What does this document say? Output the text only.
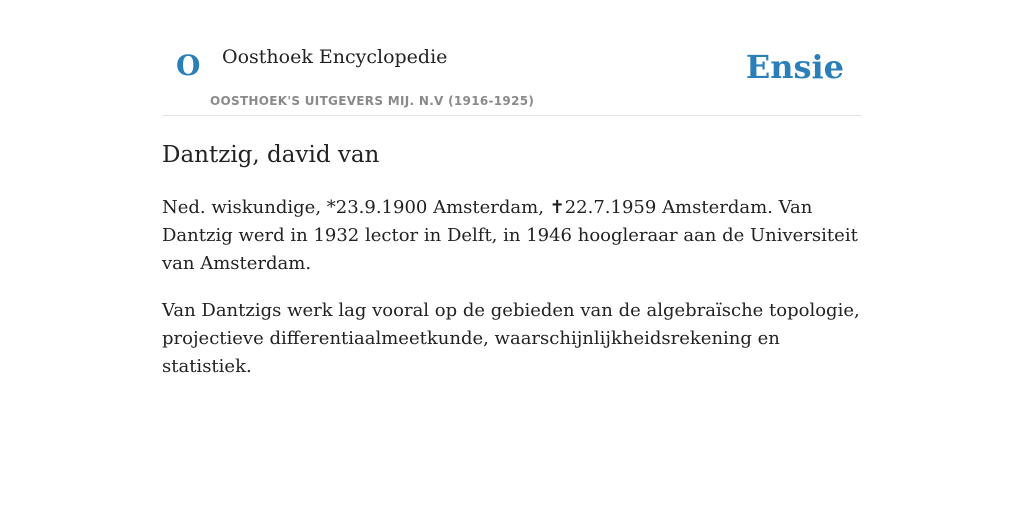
O Oosthoek Encyclopedie
OOSTHOEK'S UITGEVERS MIJ. N.V (1916-1925)
Ensie
Dantzig, david van

Ned. wiskundige, *23.9.1900 Amsterdam, ✝22.7.1959 Amsterdam. Van Dantzig werd in 1932 lector in Delft, in 1946 hoogleraar aan de Universiteit van Amsterdam.

Van Dantzigs werk lag vooral op de gebieden van de algebraïsche topologie, projectieve differentiaalmeetkunde, waarschijnlijkheidsrekening en statistiek.
